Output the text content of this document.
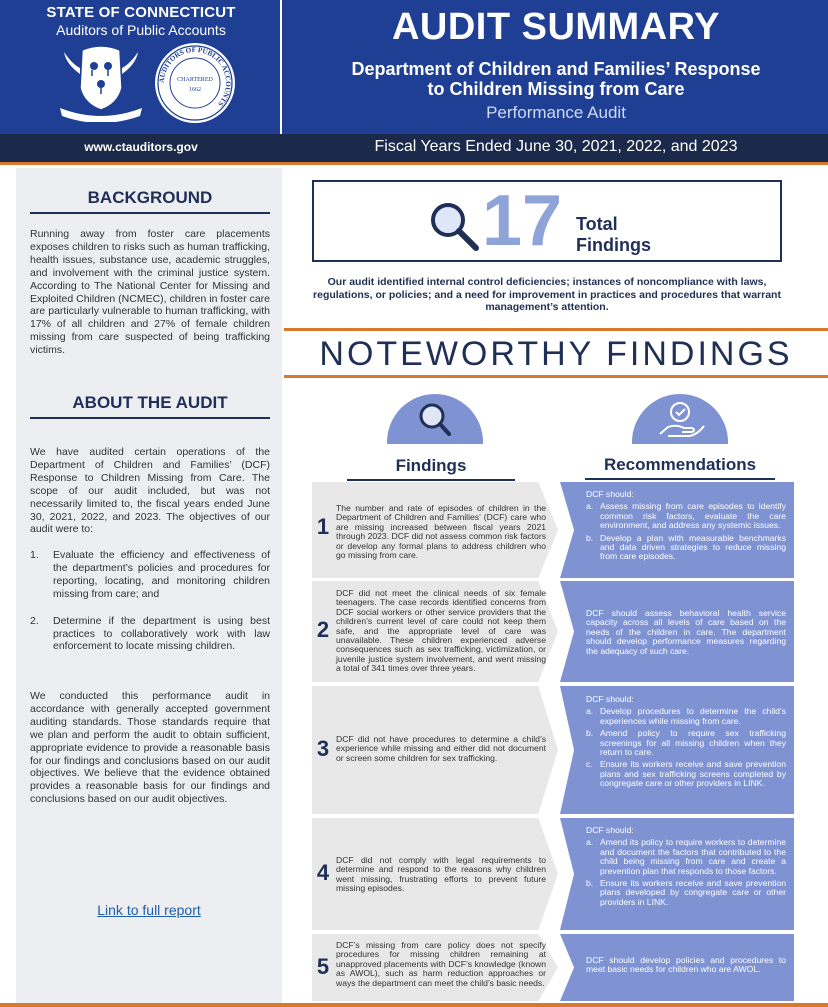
STATE OF CONNECTICUT
Auditors of Public Accounts
AUDITORS OF PUBLIC ACCOUNTS
CHARTERED
1662
AUDIT SUMMARY
Department of Children and Families’ Response
to Children Missing from Care
Performance Audit
www.ctauditors.gov	Fiscal Years Ended June 30, 2021, 2022, and 2023
BACKGROUND
Running away from foster care placements exposes children to risks such as human trafficking, health issues, substance use, academic struggles, and involvement with the criminal justice system. According to The National Center for Missing and Exploited Children (NCMEC), children in foster care are particularly vulnerable to human trafficking, with 17% of all children and 27% of female children missing from care suspected of being trafficking victims.
ABOUT THE AUDIT
We have audited certain operations of the Department of Children and Families’ (DCF) Response to Children Missing from Care. The scope of our audit included, but was not necessarily limited to, the fiscal years ended June 30, 2021, 2022, and 2023. The objectives of our audit were to:
1.	Evaluate the efficiency and effectiveness of the department’s policies and procedures for reporting, locating, and monitoring children missing from care; and
2.	Determine if the department is using best practices to collaboratively work with law enforcement to locate missing children.
We conducted this performance audit in accordance with generally accepted government auditing standards. Those standards require that we plan and perform the audit to obtain sufficient, appropriate evidence to provide a reasonable basis for our findings and conclusions based on our audit objectives. We believe that the evidence obtained provides a reasonable basis for our findings and conclusions based on our audit objectives.
Link to full report
17 Total
Findings
Our audit identified internal control deficiencies; instances of noncompliance with laws, regulations, or policies; and a need for improvement in practices and procedures that warrant management’s attention.
NOTEWORTHY FINDINGS
Findings	Recommendations
1
The number and rate of episodes of children in the Department of Children and Families’ (DCF) care who are missing increased between fiscal years 2021 through 2023. DCF did not assess common risk factors or develop any formal plans to address children who go missing from care.
DCF should:
a. Assess missing from care episodes to identify common risk factors, evaluate the care environment, and address any systemic issues.
b. Develop a plan with measurable benchmarks and data driven strategies to reduce missing from care episodes.
2
DCF did not meet the clinical needs of six female teenagers. The case records identified concerns from DCF social workers or other service providers that the children’s current level of care could not keep them safe, and the appropriate level of care was unavailable. These children experienced adverse consequences such as sex trafficking, victimization, or juvenile justice system involvement, and went missing a total of 341 times over three years.
DCF should assess behavioral health service capacity across all levels of care based on the needs of the children in care. The department should develop performance measures regarding the adequacy of such care.
3 DCF did not have procedures to determine a child’s experience while missing and either did not document or screen some children for sex trafficking.
DCF should:
a. Develop procedures to determine the child’s experiences while missing from care.
b. Amend policy to require sex trafficking screenings for all missing children when they return to care.
c. Ensure its workers receive and save prevention plans and sex trafficking screens completed by congregate care or other providers in LINK.
4 DCF did not comply with legal requirements to determine and respond to the reasons why children went missing, frustrating efforts to prevent future missing episodes.
DCF should:
a. Amend its policy to require workers to determine and document the factors that contributed to the child being missing from care and create a prevention plan that responds to those factors.
b. Ensure its workers receive and save prevention plans developed by congregate care or other providers in LINK.
5
DCF’s missing from care policy does not specify procedures for missing children remaining at unapproved placements with DCF’s knowledge (known as AWOL), such as harm reduction approaches or ways the department can meet the child’s basic needs.
DCF should develop policies and procedures to meet basic needs for children who are AWOL.
